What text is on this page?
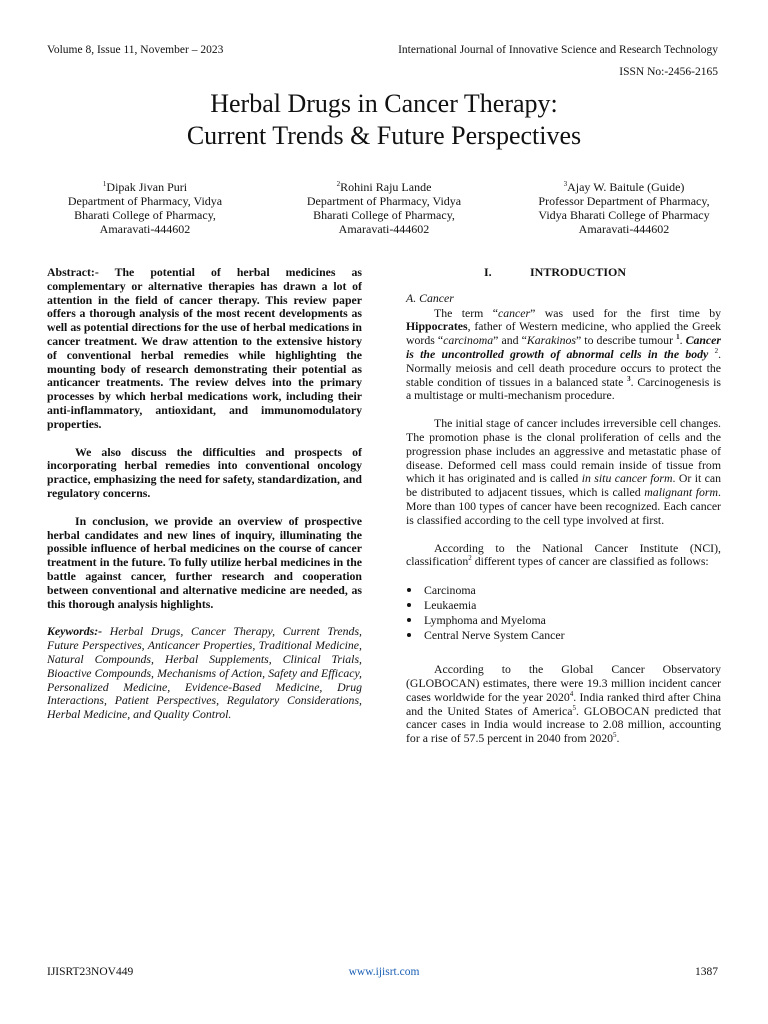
Volume 8, Issue 11, November – 2023	International Journal of Innovative Science and Research Technology
ISSN No:-2456-2165
Herbal Drugs in Cancer Therapy:
Current Trends & Future Perspectives
$^1$Dipak Jivan Puri
Department of Pharmacy, Vidya
Bharati College of Pharmacy,
Amaravati-444602
$^2$Rohini Raju Lande
Department of Pharmacy, Vidya
Bharati College of Pharmacy,
Amaravati-444602
$^3$Ajay W. Baitule (Guide)
Professor Department of Pharmacy,
Vidya Bharati College of Pharmacy
Amaravati-444602

Abstract:- The potential of herbal medicines as complementary or alternative therapies has drawn a lot of attention in the field of cancer therapy. This review paper offers a thorough analysis of the most recent developments as well as potential directions for the use of herbal medications in cancer treatment. We draw attention to the extensive history of conventional herbal remedies while highlighting the mounting body of research demonstrating their potential as anticancer treatments. The review delves into the primary processes by which herbal medications work, including their anti-inflammatory, antioxidant, and immunomodulatory properties.

We also discuss the difficulties and prospects of incorporating herbal remedies into conventional oncology practice, emphasizing the need for safety, standardization, and regulatory concerns.

In conclusion, we provide an overview of prospective herbal candidates and new lines of inquiry, illuminating the possible influence of herbal medicines on the course of cancer treatment in the future. To fully utilize herbal medicines in the battle against cancer, further research and cooperation between conventional and alternative medicine are needed, as this thorough analysis highlights.

Keywords:- Herbal Drugs, Cancer Therapy, Current Trends, Future Perspectives, Anticancer Properties, Traditional Medicine, Natural Compounds, Herbal Supplements, Clinical Trials, Bioactive Compounds, Mechanisms of Action, Safety and Efficacy, Personalized Medicine, Evidence-Based Medicine, Drug Interactions, Patient Perspectives, Regulatory Considerations, Herbal Medicine, and Quality Control.

I.	INTRODUCTION

A. Cancer

The term “cancer” was used for the first time by Hippocrates, father of Western medicine, who applied the Greek words “carcinoma” and “Karakinos” to describe tumour $^1$. Cancer is the uncontrolled growth of abnormal cells in the body $^2$. Normally meiosis and cell death procedure occurs to protect the stable condition of tissues in a balanced state $^3$. Carcinogenesis is a multistage or multi-mechanism procedure.

The initial stage of cancer includes irreversible cell changes. The promotion phase is the clonal proliferation of cells and the progression phase includes an aggressive and metastatic phase of disease. Deformed cell mass could remain inside of tissue from which it has originated and is called in situ cancer form. Or it can be distributed to adjacent tissues, which is called malignant form. More than 100 types of cancer have been recognized. Each cancer is classified according to the cell type involved at first.

According to the National Cancer Institute (NCI), classification$^2$ different types of cancer are classified as follows:

Carcinoma
Leukaemia
Lymphoma and Myeloma
Central Nerve System Cancer

According to the Global Cancer Observatory (GLOBOCAN) estimates, there were 19.3 million incident cancer cases worldwide for the year 2020$^4$. India ranked third after China and the United States of America$^5$. GLOBOCAN predicted that cancer cases in India would increase to 2.08 million, accounting for a rise of 57.5 percent in 2040 from 2020$^5$.

IJISRT23NOV449	www.ijisrt.com	1387
